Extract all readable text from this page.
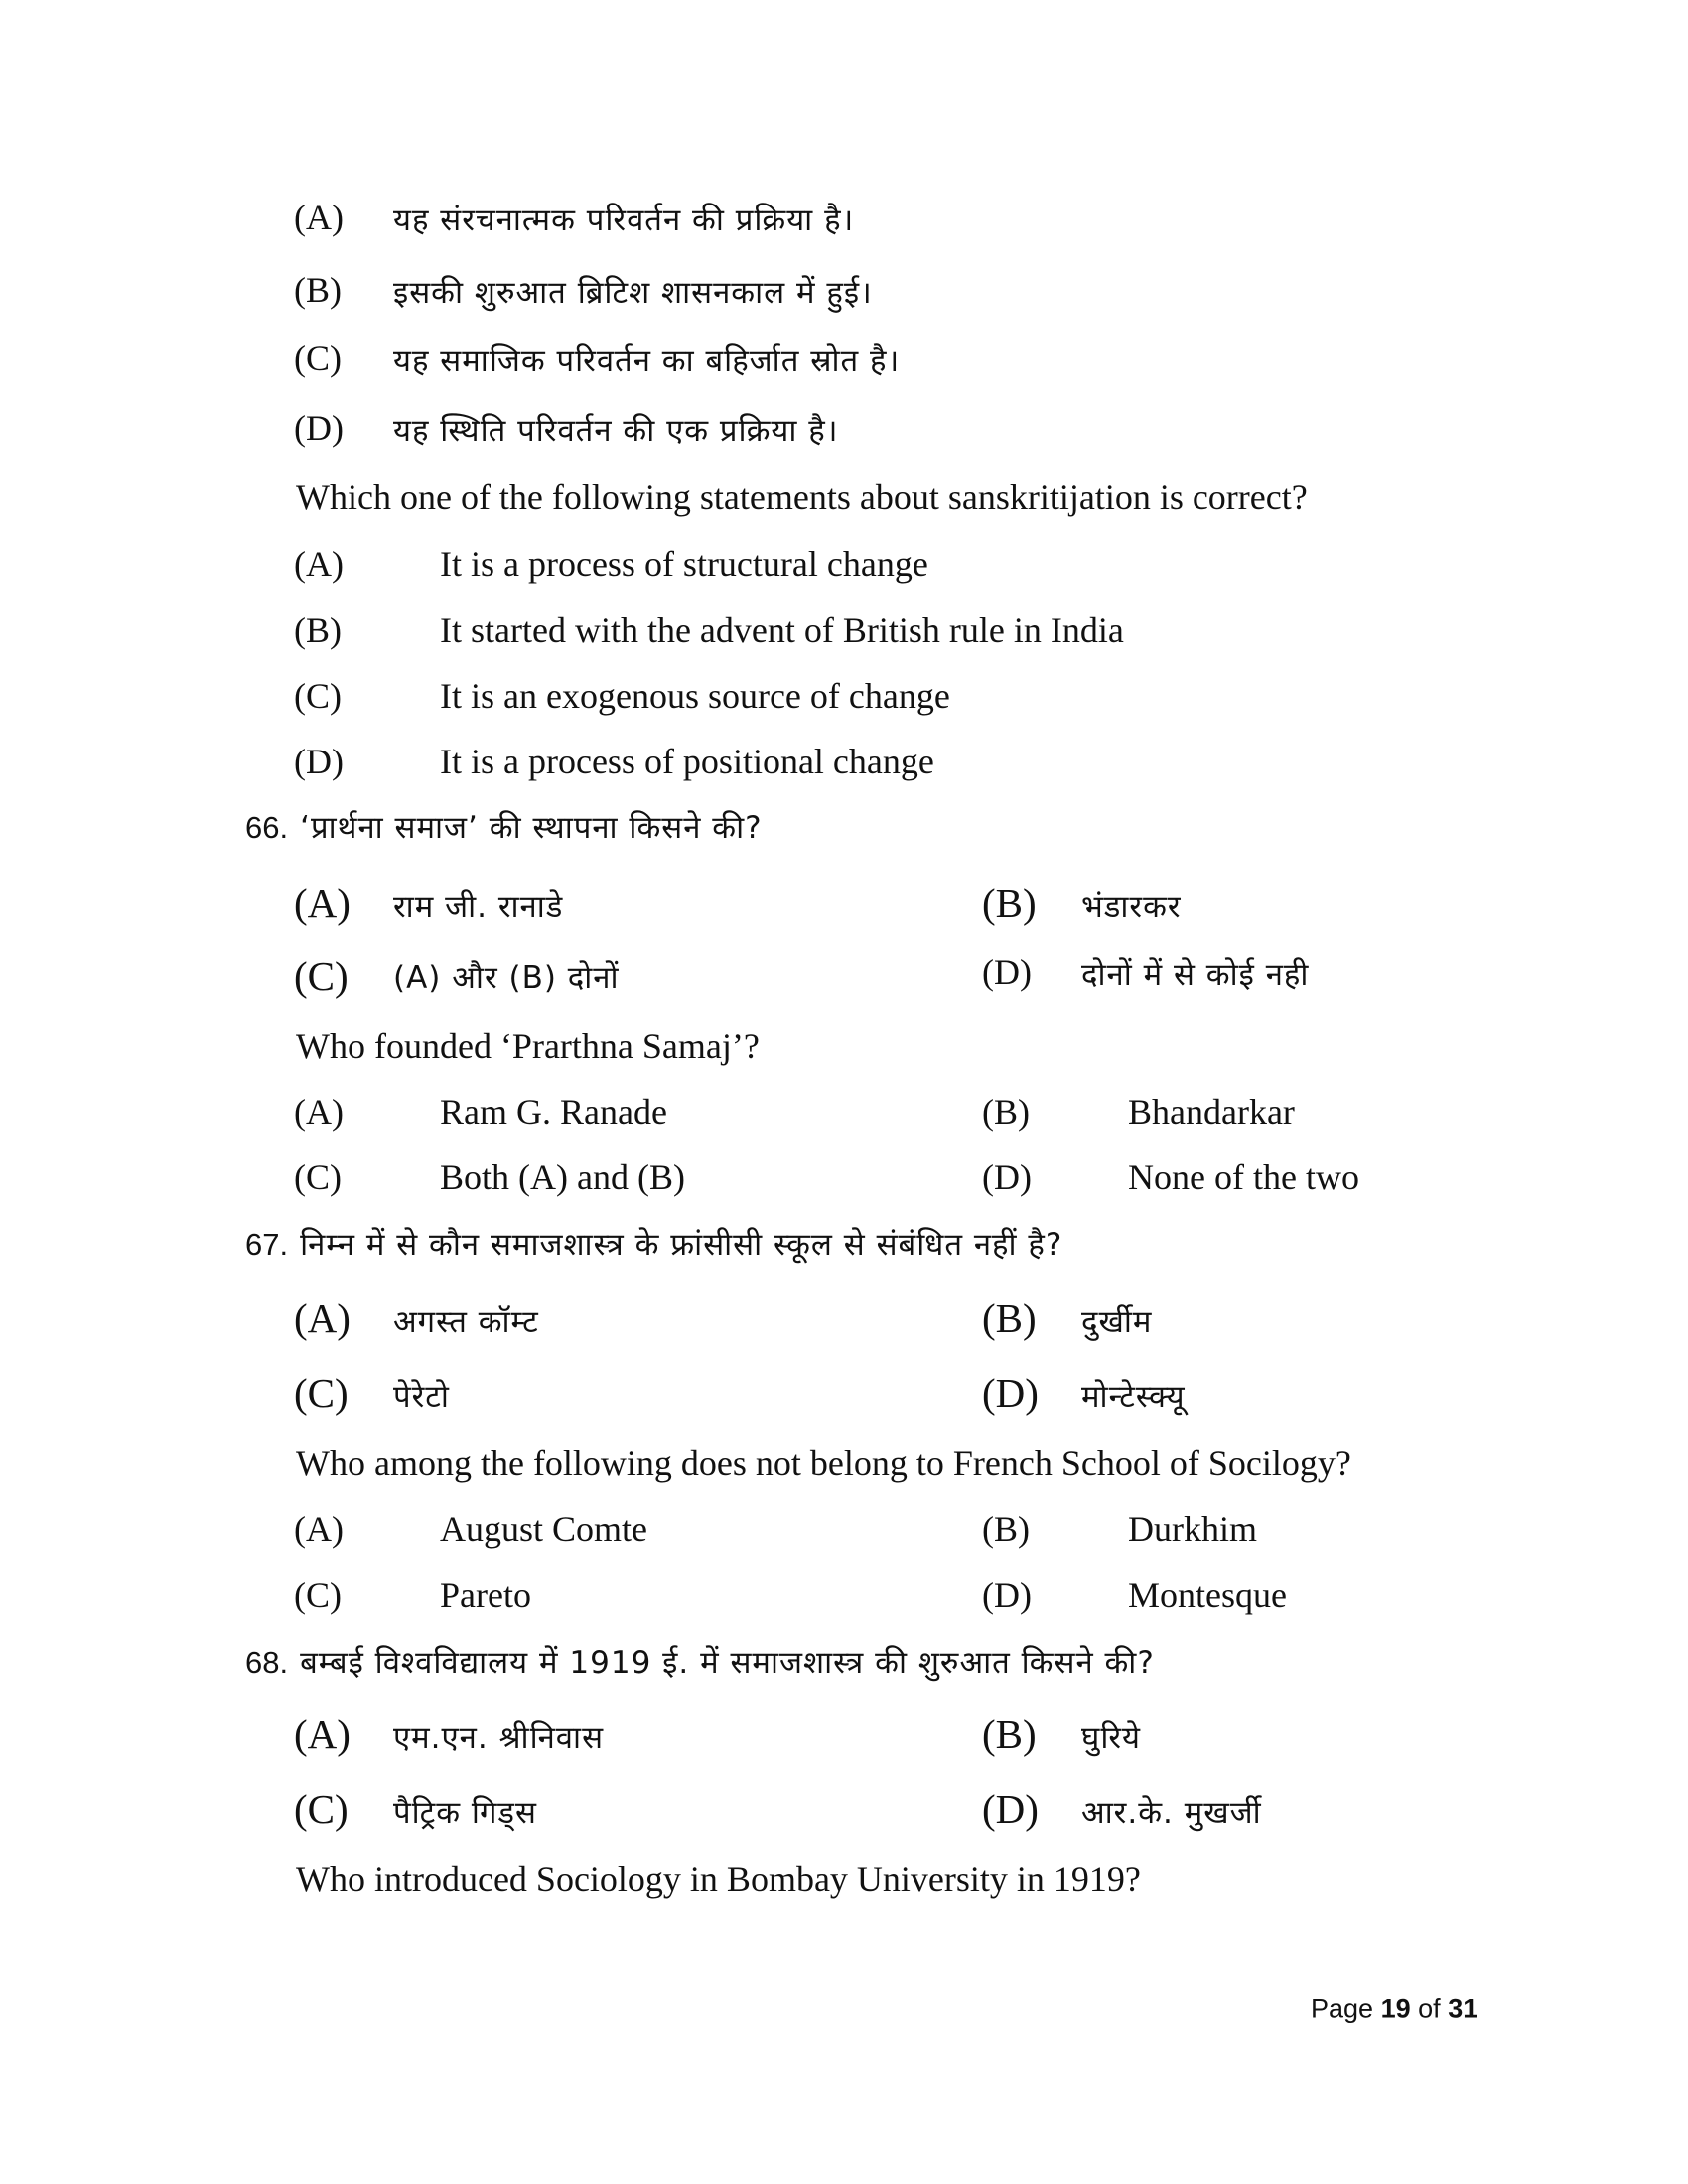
(A) यह संरचनात्मक परिवर्तन की प्रक्रिया है।
(B) इसकी शुरुआत ब्रिटिश शासनकाल में हुई।
(C) यह समाजिक परिवर्तन का बहिर्जात स्रोत है।
(D) यह स्थिति परिवर्तन की एक प्रक्रिया है।
Which one of the following statements about sanskritijation is correct?
(A)	It is a process of structural change
(B)	It started with the advent of British rule in India
(C)	It is an exogenous source of change
(D)	It is a process of positional change
66. ‘प्रार्थना समाज’ की स्थापना किसने की?
(A) राम जी. रानाडे	(B) भंडारकर
(C) (A) और (B) दोनों	(D) दोनों में से कोई नही
Who founded ‘Prarthna Samaj’?
(A)	Ram G. Ranade	(B)	Bhandarkar
(C)	Both (A) and (B)	(D)	None of the two
67. निम्न में से कौन समाजशास्त्र के फ्रांसीसी स्कूल से संबंधित नहीं है?
(A) अगस्त कॉम्ट	(B) दुर्खीम
(C) पेरेटो	(D) मोन्टेस्क्यू
Who among the following does not belong to French School of Socilogy?
(A)	August Comte	(B)	Durkhim
(C)	Pareto	(D)	Montesque
68. बम्बई विश्वविद्यालय में 1919 ई. में समाजशास्त्र की शुरुआत किसने की?
(A) एम.एन. श्रीनिवास	(B) घुरिये
(C) पैट्रिक गिड्स	(D) आर.के. मुखर्जी
Who introduced Sociology in Bombay University in 1919?
Page 19 of 31
